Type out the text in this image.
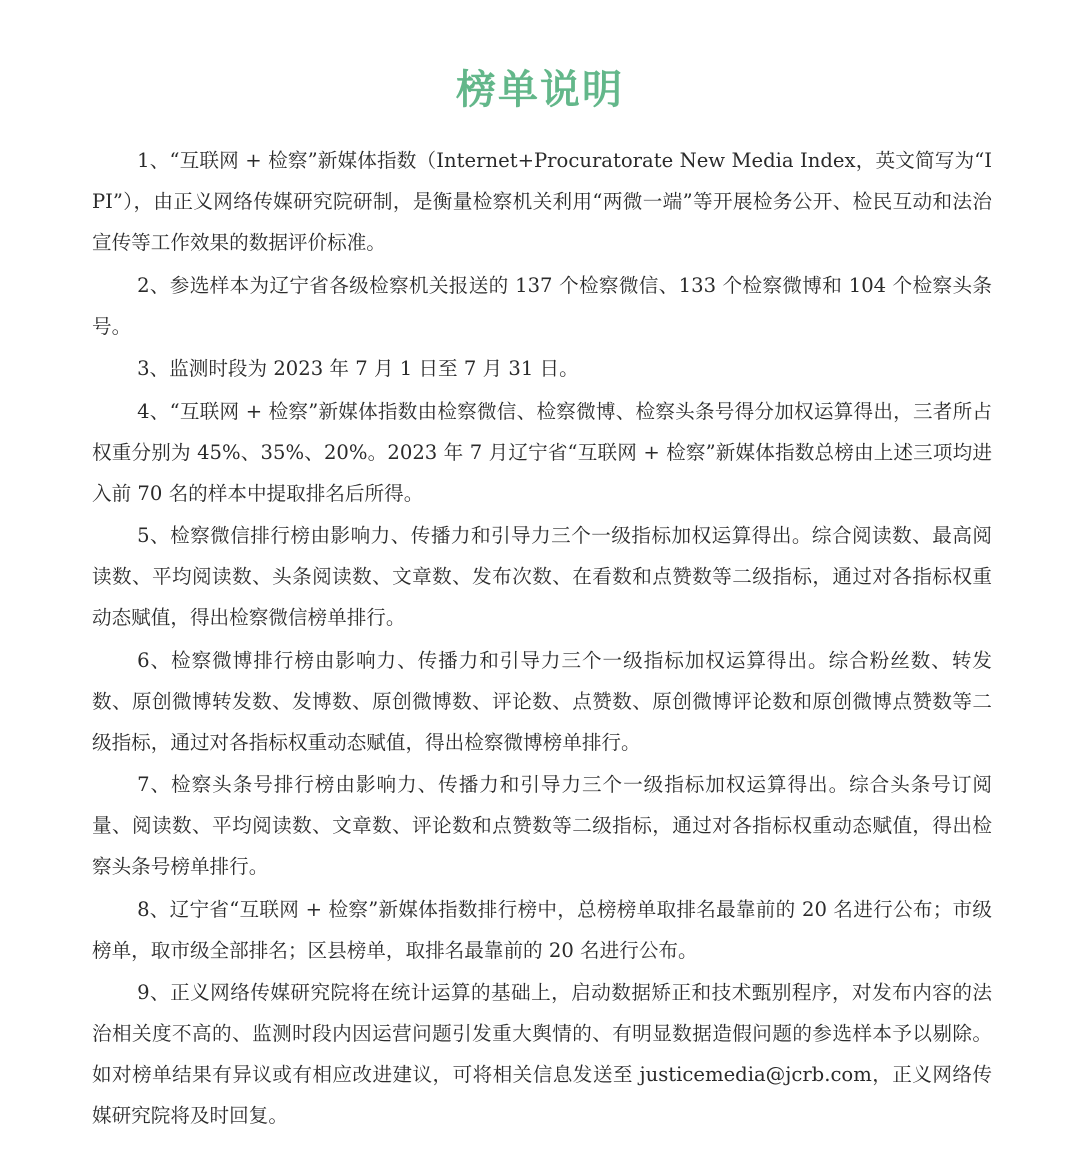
榜单说明

1、“互联网 + 检察”新媒体指数（Internet+Procuratorate New Media Index，英文简写为“IPI”），由正义网络传媒研究院研制，是衡量检察机关利用“两微一端”等开展检务公开、检民互动和法治宣传等工作效果的数据评价标准。

2、参选样本为辽宁省各级检察机关报送的 137 个检察微信、133 个检察微博和 104 个检察头条号。

3、监测时段为 2023 年 7 月 1 日至 7 月 31 日。

4、“互联网 + 检察”新媒体指数由检察微信、检察微博、检察头条号得分加权运算得出，三者所占权重分别为 45%、35%、20%。2023 年 7 月辽宁省“互联网 + 检察”新媒体指数总榜由上述三项均进入前 70 名的样本中提取排名后所得。

5、检察微信排行榜由影响力、传播力和引导力三个一级指标加权运算得出。综合阅读数、最高阅读数、平均阅读数、头条阅读数、文章数、发布次数、在看数和点赞数等二级指标，通过对各指标权重动态赋值，得出检察微信榜单排行。

6、检察微博排行榜由影响力、传播力和引导力三个一级指标加权运算得出。综合粉丝数、转发数、原创微博转发数、发博数、原创微博数、评论数、点赞数、原创微博评论数和原创微博点赞数等二级指标，通过对各指标权重动态赋值，得出检察微博榜单排行。

7、检察头条号排行榜由影响力、传播力和引导力三个一级指标加权运算得出。综合头条号订阅量、阅读数、平均阅读数、文章数、评论数和点赞数等二级指标，通过对各指标权重动态赋值，得出检察头条号榜单排行。

8、辽宁省“互联网 + 检察”新媒体指数排行榜中，总榜榜单取排名最靠前的 20 名进行公布；市级榜单，取市级全部排名；区县榜单，取排名最靠前的 20 名进行公布。

9、正义网络传媒研究院将在统计运算的基础上，启动数据矫正和技术甄别程序，对发布内容的法治相关度不高的、监测时段内因运营问题引发重大舆情的、有明显数据造假问题的参选样本予以剔除。如对榜单结果有异议或有相应改进建议，可将相关信息发送至 justicemedia@jcrb.com，正义网络传媒研究院将及时回复。
